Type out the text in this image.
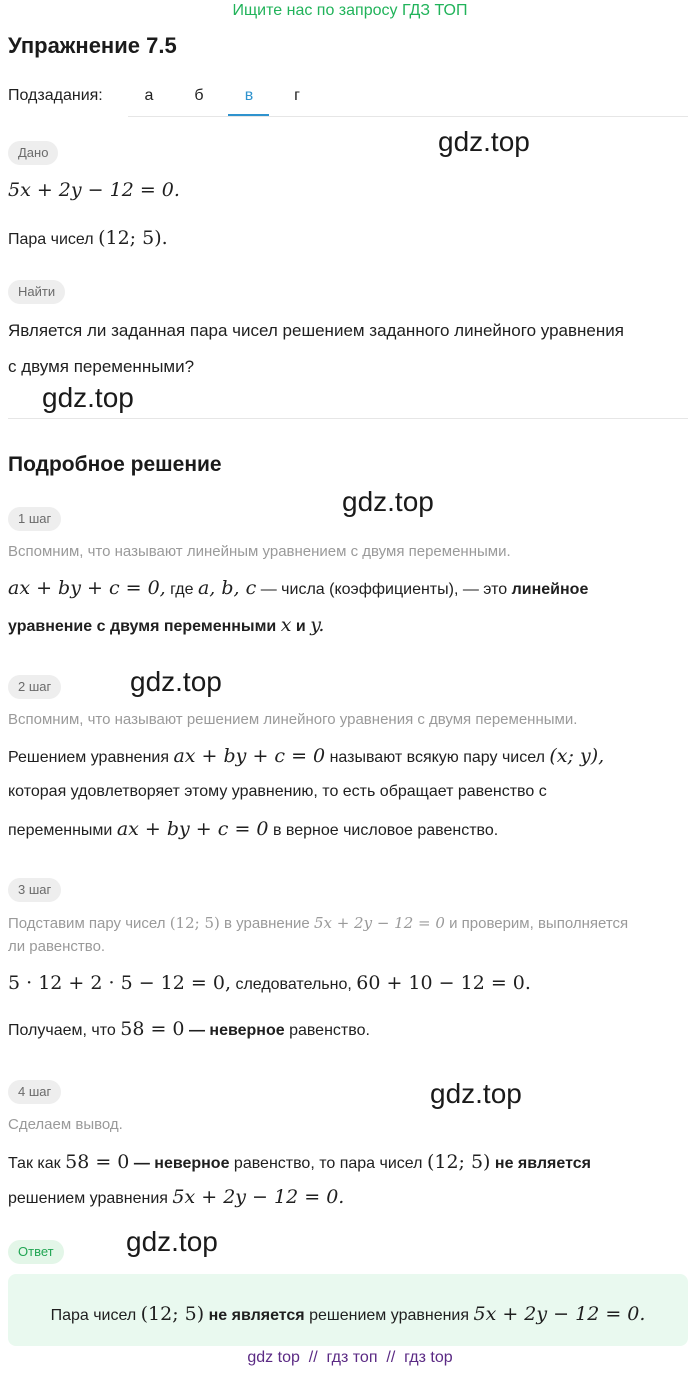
Ищите нас по запросу ГДЗ ТОП
Упражнение 7.5
Подзадания:	а	б	в	г
Дано	gdz.top
5x + 2y − 12 = 0.
Пара чисел (12; 5).
Найти
Является ли заданная пара чисел решением заданного линейного уравнения
с двумя переменными?
gdz.top
Подробное решение
1 шаг
gdz.top
Вспомним, что называют линейным уравнением с двумя переменными.
ax + by + c = 0, где a, b, c — числа (коэффициенты), — это линейное
уравнение с двумя переменными x и y.
2 шаг	gdz.top
Вспомним, что называют решением линейного уравнения с двумя переменными.
Решением уравнения ax + by + c = 0 называют всякую пару чисел (x; y),
которая удовлетворяет этому уравнению, то есть обращает равенство с
переменными ax + by + c = 0 в верное числовое равенство.
3 шаг
Подставим пару чисел (12; 5) в уравнение 5x + 2y − 12 = 0 и проверим, выполняется
ли равенство.
5 · 12 + 2 · 5 − 12 = 0, следовательно, 60 + 10 − 12 = 0.
Получаем, что 58 = 0 — неверное равенство.
4 шаг	gdz.top
Сделаем вывод.
Так как 58 = 0 — неверное равенство, то пара чисел (12; 5) не является
решением уравнения 5x + 2y − 12 = 0.
Ответ	gdz.top
Пара чисел (12; 5) не является решением уравнения 5x + 2y − 12 = 0.
gdz top  //  гдз топ  //  гдз top
